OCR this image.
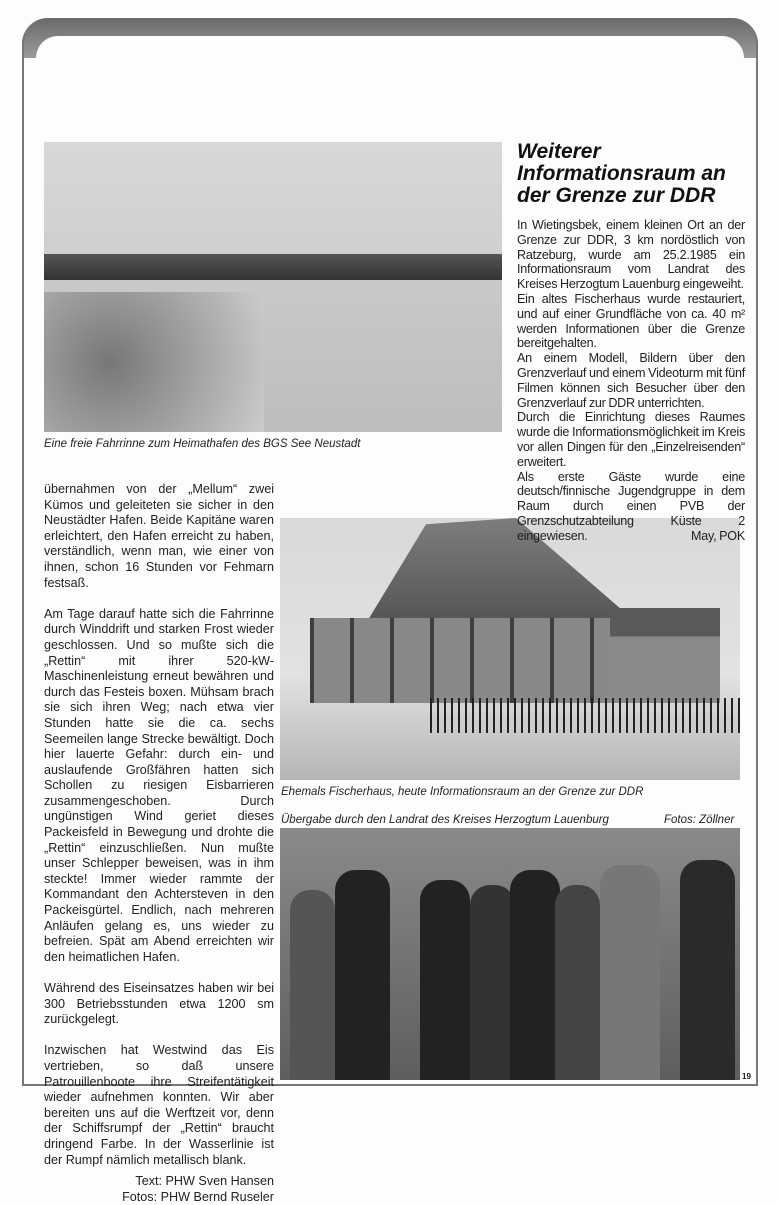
Eine freie Fahrrinne zum Heimathafen des BGS See Neustadt
Weiterer Informationsraum an der Grenze zur DDR
In Wietingsbek, einem kleinen Ort an der Grenze zur DDR, 3 km nordöstlich von Ratzeburg, wurde am 25.2.1985 ein Informationsraum vom Landrat des Kreises Herzogtum Lauenburg eingeweiht.
Ein altes Fischerhaus wurde restauriert, und auf einer Grundfläche von ca. 40 m² werden Informationen über die Grenze bereitgehalten.
An einem Modell, Bildern über den Grenzverlauf und einem Videoturm mit fünf Filmen können sich Besucher über den Grenzverlauf zur DDR unterrichten.
Durch die Einrichtung dieses Raumes wurde die Informationsmöglichkeit im Kreis vor allen Dingen für den „Einzelreisenden“ erweitert.
Als erste Gäste wurde eine deutsch/finnische Jugendgruppe in dem Raum durch einen PVB der Grenzschutzabteilung Küste 2 eingewiesen.	May, POK

übernahmen von der „Mellum“ zwei Kümos und geleiteten sie sicher in den Neustädter Hafen. Beide Kapitäne waren erleichtert, den Hafen erreicht zu haben, verständlich, wenn man, wie einer von ihnen, schon 16 Stunden vor Fehmarn festsaß.

Am Tage darauf hatte sich die Fahrrinne durch Winddrift und starken Frost wieder geschlossen. Und so mußte sich die „Rettin“ mit ihrer 520-kW-Maschinenleistung erneut bewähren und durch das Festeis boxen. Mühsam brach sie sich ihren Weg; nach etwa vier Stunden hatte sie die ca. sechs Seemeilen lange Strecke bewältigt. Doch hier lauerte Gefahr: durch ein- und auslaufende Großfähren hatten sich Schollen zu riesigen Eisbarrieren zusammengeschoben. Durch ungünstigen Wind geriet dieses Packeisfeld in Bewegung und drohte die „Rettin“ einzuschließen. Nun mußte unser Schlepper beweisen, was in ihm steckte! Immer wieder rammte der Kommandant den Achtersteven in den Packeisgürtel. Endlich, nach mehreren Anläufen gelang es, uns wieder zu befreien. Spät am Abend erreichten wir den heimatlichen Hafen.

Während des Eiseinsatzes haben wir bei 300 Betriebsstunden etwa 1200 sm zurückgelegt.

Inzwischen hat Westwind das Eis vertrieben, so daß unsere Patrouillenboote ihre Streifentätigkeit wieder aufnehmen konnten. Wir aber bereiten uns auf die Werftzeit vor, denn der Schiffsrumpf der „Rettin“ braucht dringend Farbe. In der Wasserlinie ist der Rumpf nämlich metallisch blank.

Text: PHW Sven Hansen
Fotos: PHW Bernd Ruseler
Ehemals Fischerhaus, heute Informationsraum an der Grenze zur DDR
Übergabe durch den Landrat des Kreises Herzogtum Lauenburg	Fotos: Zöllner
19
